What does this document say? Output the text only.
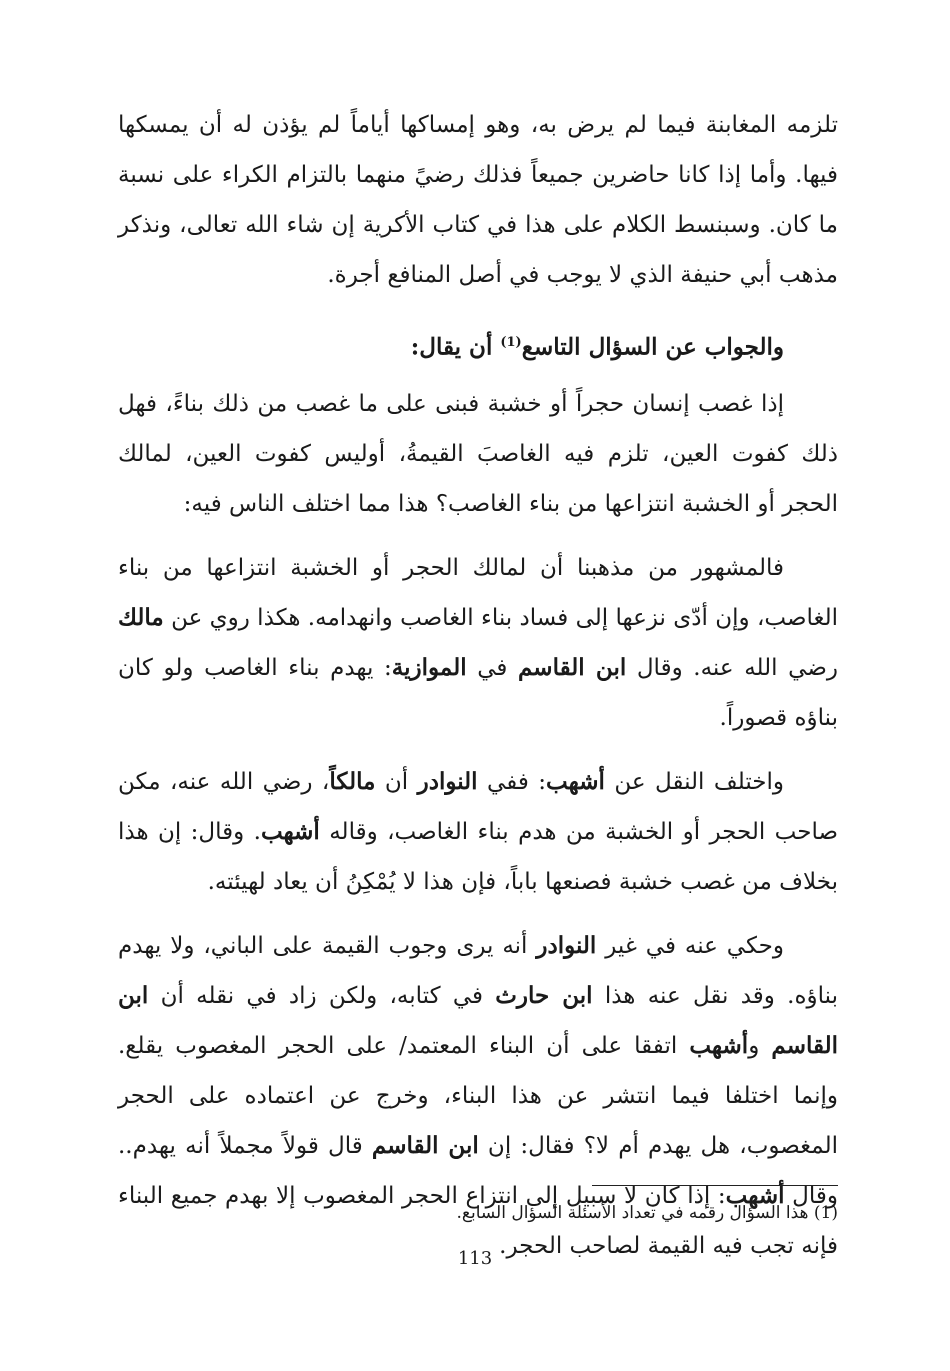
تلزمه المغابنة فيما لم يرض به، وهو إمساكها أياماً لم يؤذن له أن يمسكها فيها. وأما إذا كانا حاضرين جميعاً فذلك رضيً منهما بالتزام الكراء على نسبة ما كان. وسبنسط الكلام على هذا في كتاب الأكرية إن شاء الله تعالى، ونذكر مذهب أبي حنيفة الذي لا يوجب في أصل المنافع أجرة.

والجواب عن السؤال التاسع$^{(1)}$ أن يقال:

إذا غصب إنسان حجراً أو خشبة فبنى على ما غصب من ذلك بناءً، فهل ذلك كفوت العين، تلزم فيه الغاصبَ القيمةُ، أوليس كفوت العين، لمالك الحجر أو الخشبة انتزاعها من بناء الغاصب؟ هذا مما اختلف الناس فيه:

فالمشهور من مذهبنا أن لمالك الحجر أو الخشبة انتزاعها من بناء الغاصب، وإن أدّى نزعها إلى فساد بناء الغاصب وانهدامه. هكذا روي عن مالك رضي الله عنه. وقال ابن القاسم في الموازية: يهدم بناء الغاصب ولو كان بناؤه قصوراً.

واختلف النقل عن أشهب: ففي النوادر أن مالكاً، رضي الله عنه، مكن صاحب الحجر أو الخشبة من هدم بناء الغاصب، وقاله أشهب. وقال: إن هذا بخلاف من غصب خشبة فصنعها باباً، فإن هذا لا يُمْكِنُ أن يعاد لهيئته.

وحكي عنه في غير النوادر أنه يرى وجوب القيمة على الباني، ولا يهدم بناؤه. وقد نقل عنه هذا ابن حارث في كتابه، ولكن زاد في نقله أن ابن القاسم وأشهب اتفقا على أن البناء المعتمد/ على الحجر المغصوب يقلع. وإنما اختلفا فيما انتشر عن هذا البناء، وخرج عن اعتماده على الحجر المغصوب، هل يهدم أم لا؟ فقال: إن ابن القاسم قال قولاً مجملاً أنه يهدم.. وقال أشهب: إذا كان لا سبيل إلى انتزاع الحجر المغصوب إلا بهدم جميع البناء فإنه تجب فيه القيمة لصاحب الحجر.

(1) هذا السؤال رقمه في تعداد الأسئلة السؤال السابع.
113
